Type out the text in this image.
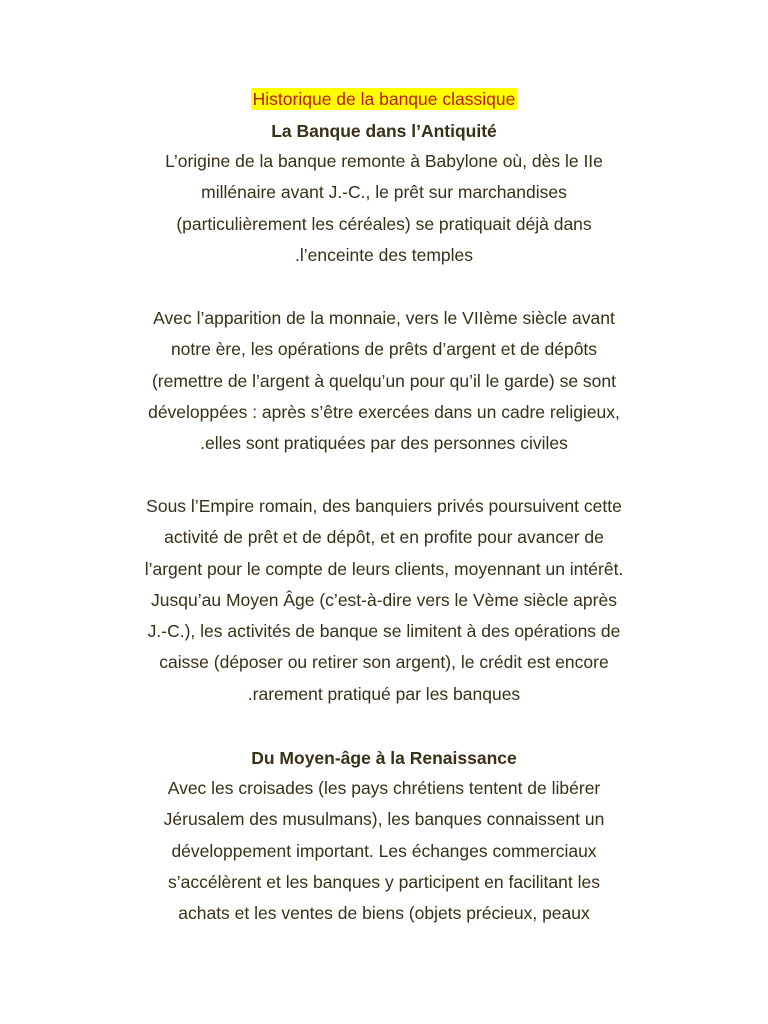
Historique de la banque classique
La Banque dans l’Antiquité
L’origine de la banque remonte à Babylone où, dès le IIe
millénaire avant J.-C., le prêt sur marchandises
(particulièrement les céréales) se pratiquait déjà dans
.l’enceinte des temples
Avec l’apparition de la monnaie, vers le VIIème siècle avant
notre ère, les opérations de prêts d’argent et de dépôts
(remettre de l’argent à quelqu’un pour qu’il le garde) se sont
développées : après s’être exercées dans un cadre religieux,
.elles sont pratiquées par des personnes civiles
Sous l’Empire romain, des banquiers privés poursuivent cette
activité de prêt et de dépôt, et en profite pour avancer de
l’argent pour le compte de leurs clients, moyennant un intérêt.
Jusqu’au Moyen Âge (c’est-à-dire vers le Vème siècle après
J.-C.), les activités de banque se limitent à des opérations de
caisse (déposer ou retirer son argent), le crédit est encore
.rarement pratiqué par les banques
Du Moyen-âge à la Renaissance
Avec les croisades (les pays chrétiens tentent de libérer
Jérusalem des musulmans), les banques connaissent un
développement important. Les échanges commerciaux
s’accélèrent et les banques y participent en facilitant les
achats et les ventes de biens (objets précieux, peaux
